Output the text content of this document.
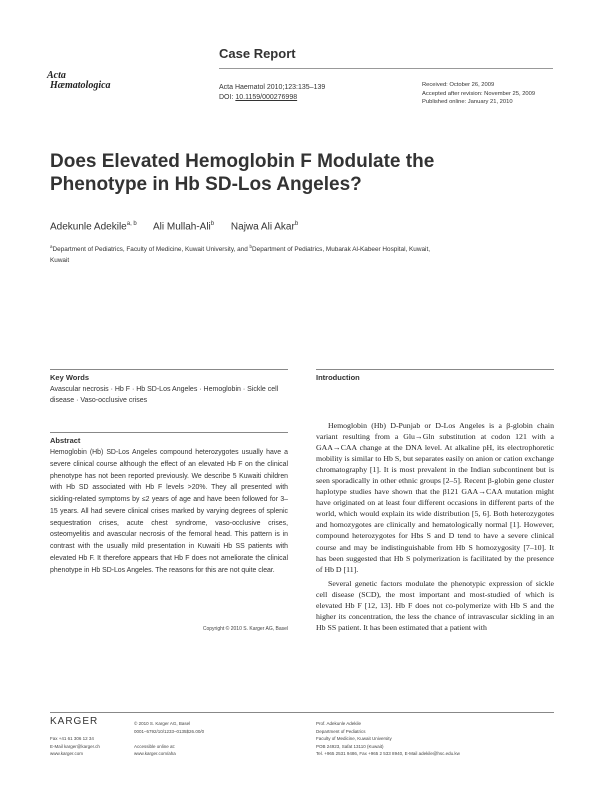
Case Report
Acta
Hæmatologica	Acta Haematol 2010;123:135–139
DOI: 10.1159/000276998
Received: October 26, 2009
Accepted after revision: November 25, 2009
Published online: January 21, 2010
Does Elevated Hemoglobin F Modulate the Phenotype in Hb SD-Los Angeles?
Adekunle Adekile$^{a, b}$ Ali Mullah-Ali$^b$ Najwa Ali Akar$^b$
$^a$Department of Pediatrics, Faculty of Medicine, Kuwait University, and $^b$Department of Pediatrics, Mubarak Al-Kabeer Hospital, Kuwait, Kuwait
Key Words
Avascular necrosis · Hb F · Hb SD-Los Angeles · Hemoglobin · Sickle cell disease · Vaso-occlusive crises
Abstract
Hemoglobin (Hb) SD-Los Angeles compound heterozygotes usually have a severe clinical course although the effect of an elevated Hb F on the clinical phenotype has not been reported previously. We describe 5 Kuwaiti children with Hb SD associated with Hb F levels >20%. They all presented with sickling-related symptoms by ≤2 years of age and have been followed for 3–15 years. All had severe clinical crises marked by varying degrees of splenic sequestration crises, acute chest syndrome, vaso-occlusive crises, osteomyelitis and avascular necrosis of the femoral head. This pattern is in contrast with the usually mild presentation in Kuwaiti Hb SS patients with elevated Hb F. It therefore appears that Hb F does not ameliorate the clinical phenotype in Hb SD-Los Angeles. The reasons for this are not quite clear.
Copyright © 2010 S. Karger AG, Basel
Introduction

Hemoglobin (Hb) D-Punjab or D-Los Angeles is a β-globin chain variant resulting from a Glu→Gln substitution at codon 121 with a GAA→CAA change at the DNA level. At alkaline pH, its electrophoretic mobility is similar to Hb S, but separates easily on anion or cation exchange chromatography [1]. It is most prevalent in the Indian subcontinent but is seen sporadically in other ethnic groups [2–5]. Recent β-globin gene cluster haplotype studies have shown that the β121 GAA→CAA mutation might have originated on at least four different occasions in different parts of the world, which would explain its wide distribution [5, 6]. Both heterozygotes and homozygotes are clinically and hematologically normal [1]. However, compound heterozygotes for Hbs S and D tend to have a severe clinical course and may be indistinguishable from Hb S homozygosity [7–10]. It has been suggested that Hb S polymerization is facilitated by the presence of Hb D [11].

Several genetic factors modulate the phenotypic expression of sickle cell disease (SCD), the most important and most-studied of which is elevated Hb F [12, 13]. Hb F does not co-polymerize with Hb S and the higher its concentration, the less the chance of intravascular sickling in an Hb SS patient. It has been estimated that a patient with

KARGER
Fax +41 61 306 12 34
E-Mail karger@karger.ch
www.karger.com
© 2010 S. Karger AG, Basel
0001–5792/10/1233–0135$26.00/0
Accessible online at:
www.karger.com/aha
Prof. Adekunle Adekile
Department of Pediatrics
Faculty of Medicine, Kuwait University
POB 24923, Safat 13110 (Kuwait)
Tel. +965 2531 9486, Fax +965 2 533 8940, E-Mail adekile@hsc.edu.kw
